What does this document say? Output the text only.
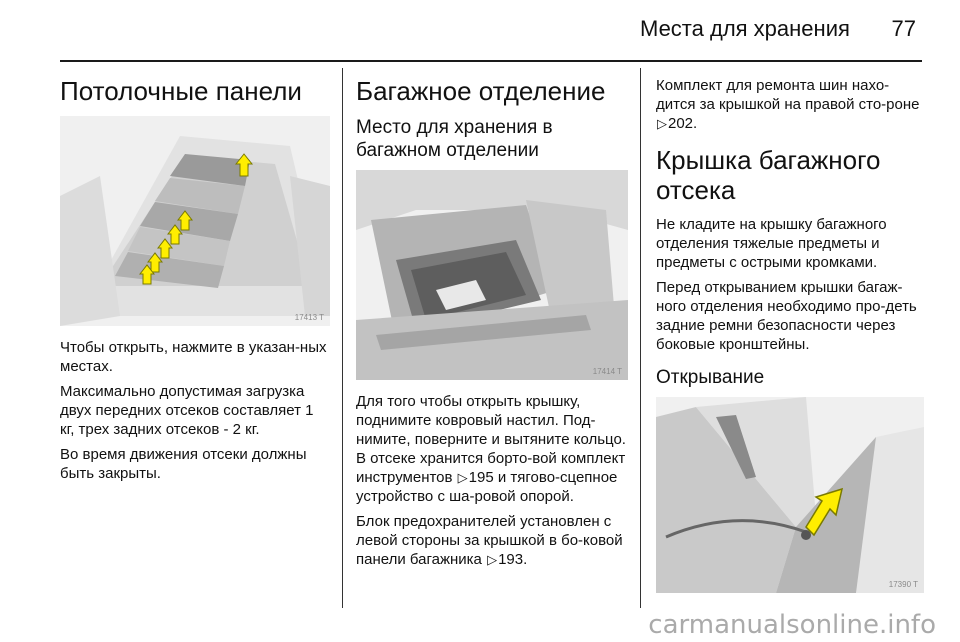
Места для хранения 77
Потолочные панели
17413 T

Чтобы открыть, нажмите в указан-ных местах.

Максимально допустимая загрузка двух передних отсеков составляет 1 кг, трех задних отсеков - 2 кг.

Во время движения отсеки должны быть закрыты.

Багажное отделение
Место для хранения в багажном отделении
17414 T

Для того чтобы открыть крышку, поднимите ковровый настил. Под-нимите, поверните и вытяните кольцо. В отсеке хранится борто-вой комплект инструментов ▷195 и тягово-сцепное устройство с ша-ровой опорой.

Блок предохранителей установлен с левой стороны за крышкой в бо-ковой панели багажника ▷193.

Комплект для ремонта шин нахо-дится за крышкой на правой сто-роне ▷202.

Крышка багажного отсека

Не кладите на крышку багажного отделения тяжелые предметы и предметы с острыми кромками.

Перед открыванием крышки багаж-ного отделения необходимо про-деть задние ремни безопасности через боковые кронштейны.

Открывание
17390 T
carmanualsonline.info
